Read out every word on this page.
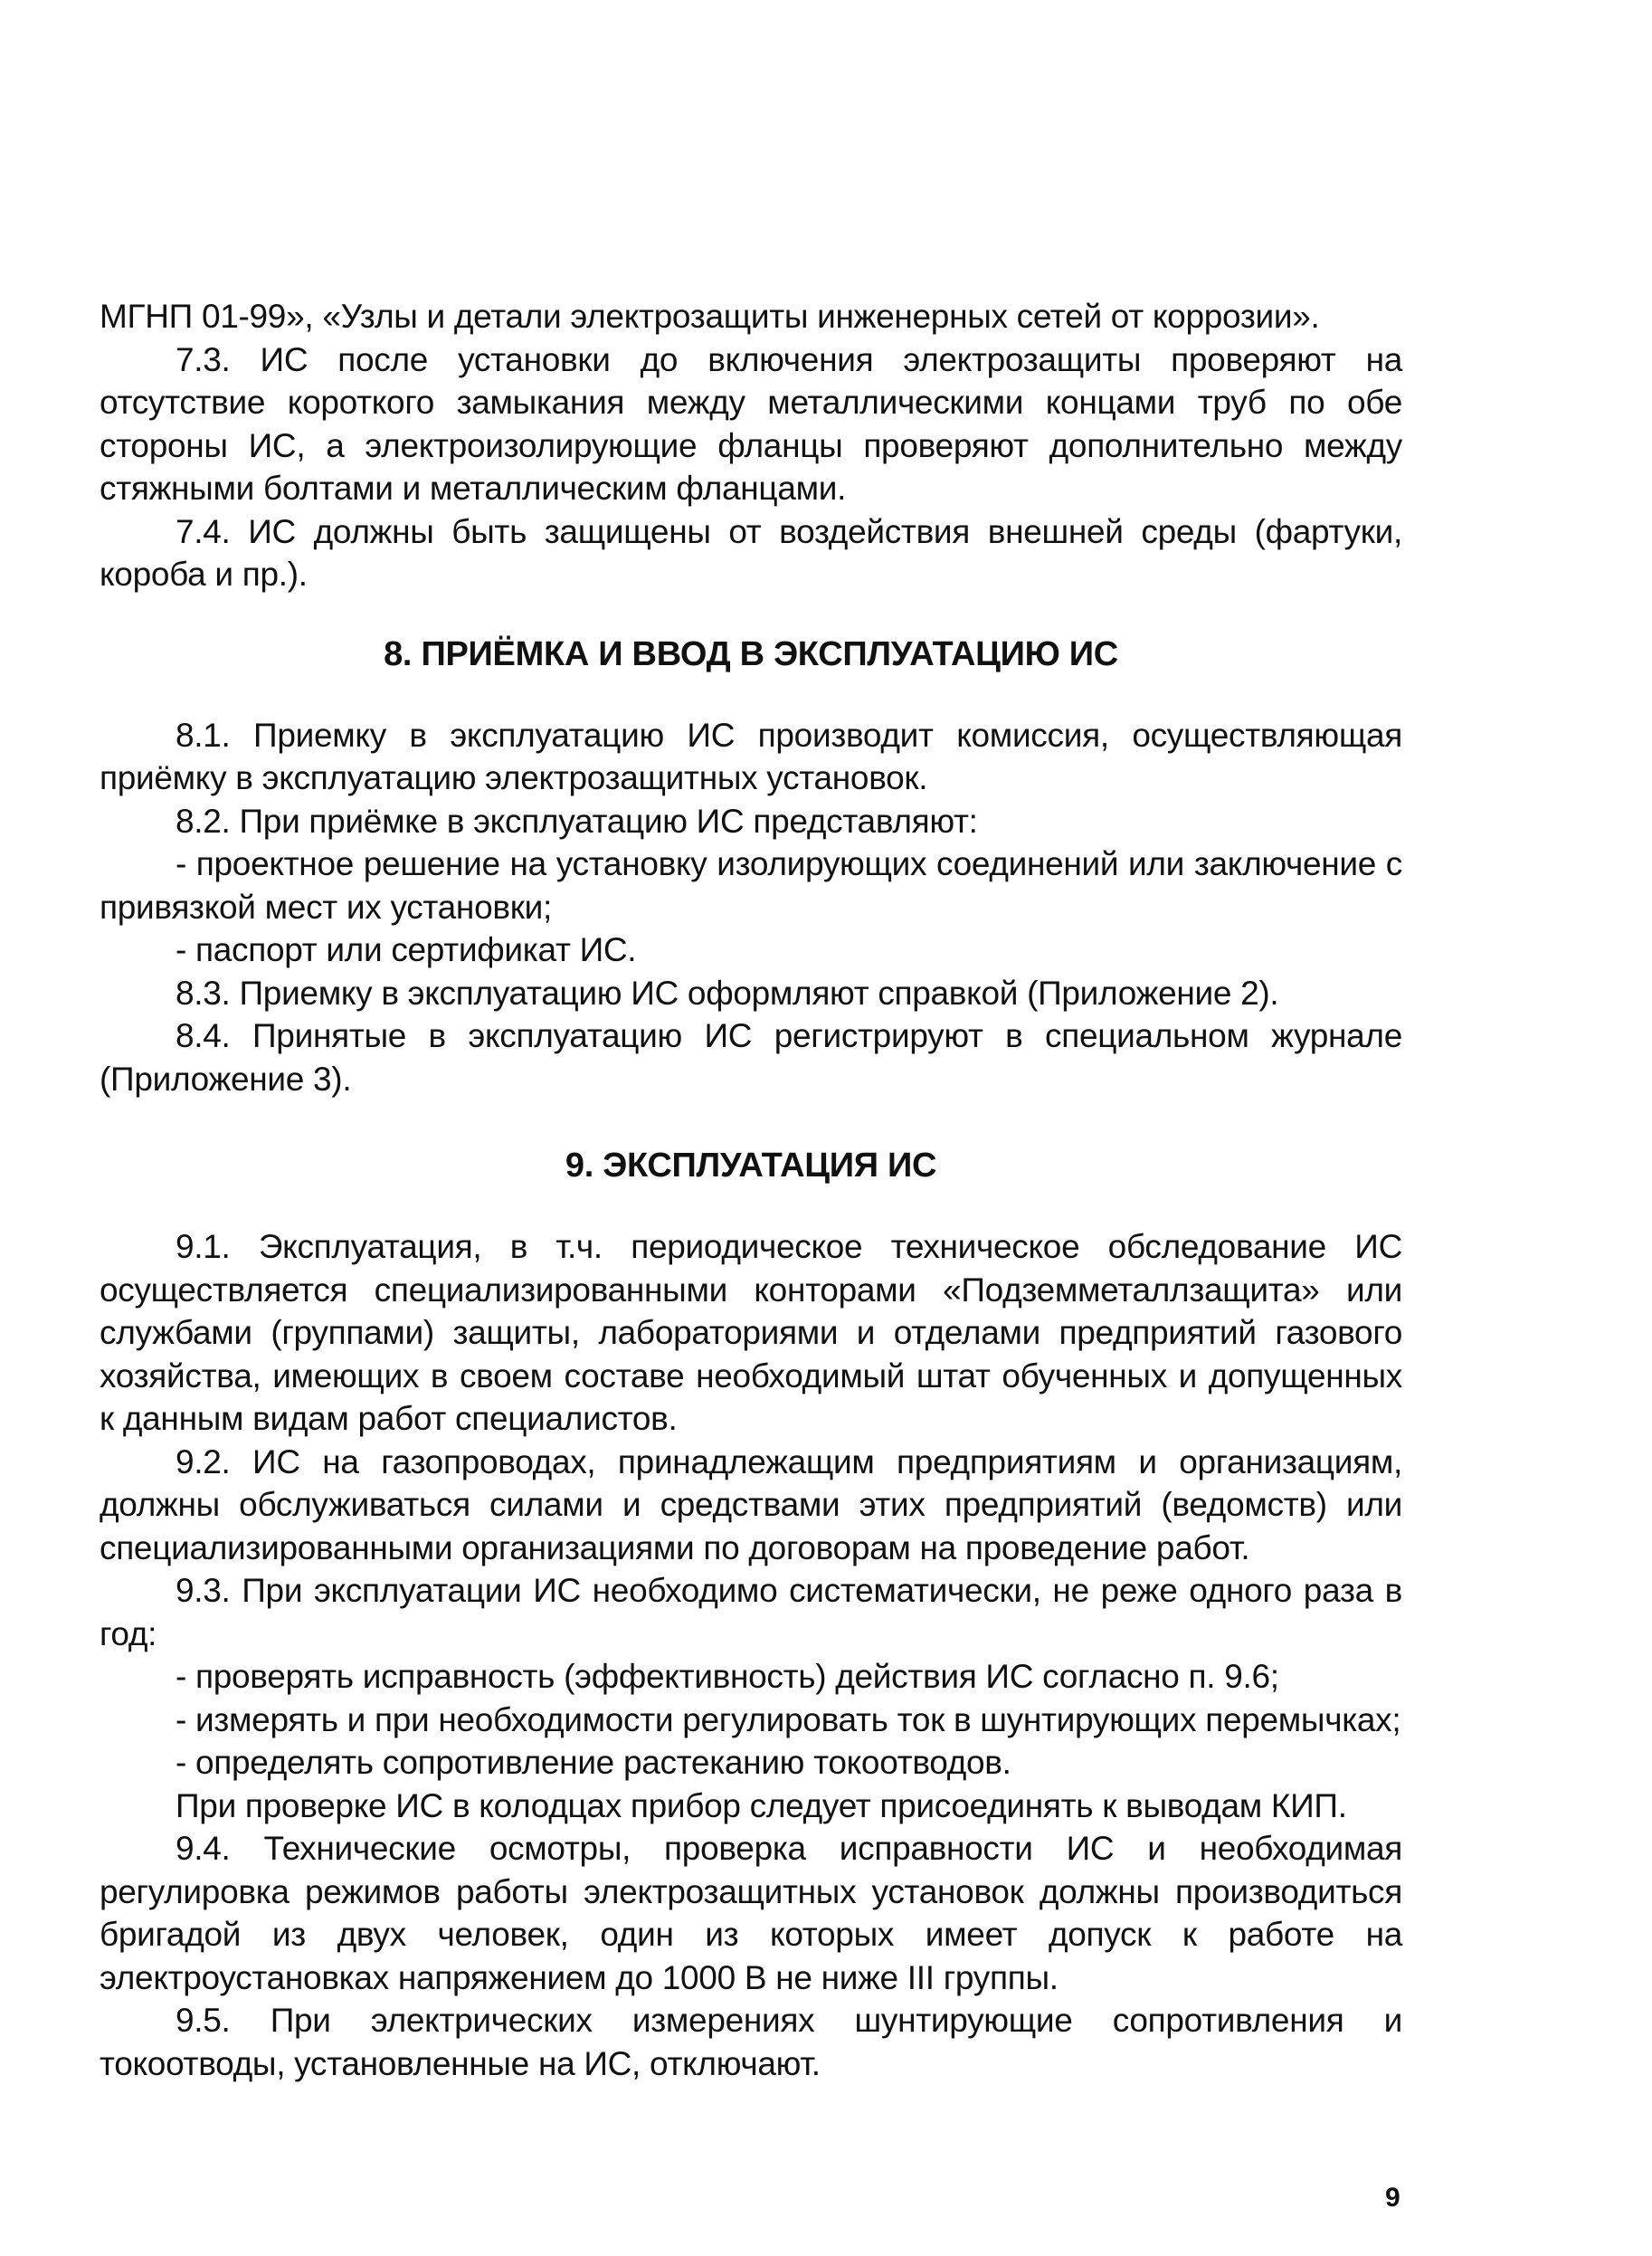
МГНП 01-99», «Узлы и детали электрозащиты инженерных сетей от коррозии».

7.3. ИС после установки до включения электрозащиты проверяют на отсутствие короткого замыкания между металлическими концами труб по обе стороны ИС, а электроизолирующие фланцы проверяют дополнительно между стяжными болтами и металлическим фланцами.

7.4. ИС должны быть защищены от воздействия внешней среды (фартуки, короба и пр.).

8. ПРИЁМКА И ВВОД В ЭКСПЛУАТАЦИЮ ИС

8.1. Приемку в эксплуатацию ИС производит комиссия, осуществляющая приёмку в эксплуатацию электрозащитных установок.

8.2. При приёмке в эксплуатацию ИС представляют:

- проектное решение на установку изолирующих соединений или заключение с привязкой мест их установки;

- паспорт или сертификат ИС.

8.3. Приемку в эксплуатацию ИС оформляют справкой (Приложение 2).

8.4. Принятые в эксплуатацию ИС регистрируют в специальном журнале (Приложение 3).

9. ЭКСПЛУАТАЦИЯ ИС

9.1. Эксплуатация, в т.ч. периодическое техническое обследование ИС осуществляется специализированными конторами «Подземметаллзащита» или службами (группами) защиты, лабораториями и отделами предприятий газового хозяйства, имеющих в своем составе необходимый штат обученных и допущенных к данным видам работ специалистов.

9.2. ИС на газопроводах, принадлежащим предприятиям и организациям, должны обслуживаться силами и средствами этих предприятий (ведомств) или специализированными организациями по договорам на проведение работ.

9.3. При эксплуатации ИС необходимо систематически, не реже одного раза в год:

- проверять исправность (эффективность) действия ИС согласно п. 9.6;

- измерять и при необходимости регулировать ток в шунтирующих перемычках;

- определять сопротивление растеканию токоотводов.

При проверке ИС в колодцах прибор следует присоединять к выводам КИП.

9.4. Технические осмотры, проверка исправности ИС и необходимая регулировка режимов работы электрозащитных установок должны производиться бригадой из двух человек, один из которых имеет допуск к работе на электроустановках напряжением до 1000 В не ниже III группы.

9.5. При электрических измерениях шунтирующие сопротивления и токоотводы, установленные на ИС, отключают.

9
